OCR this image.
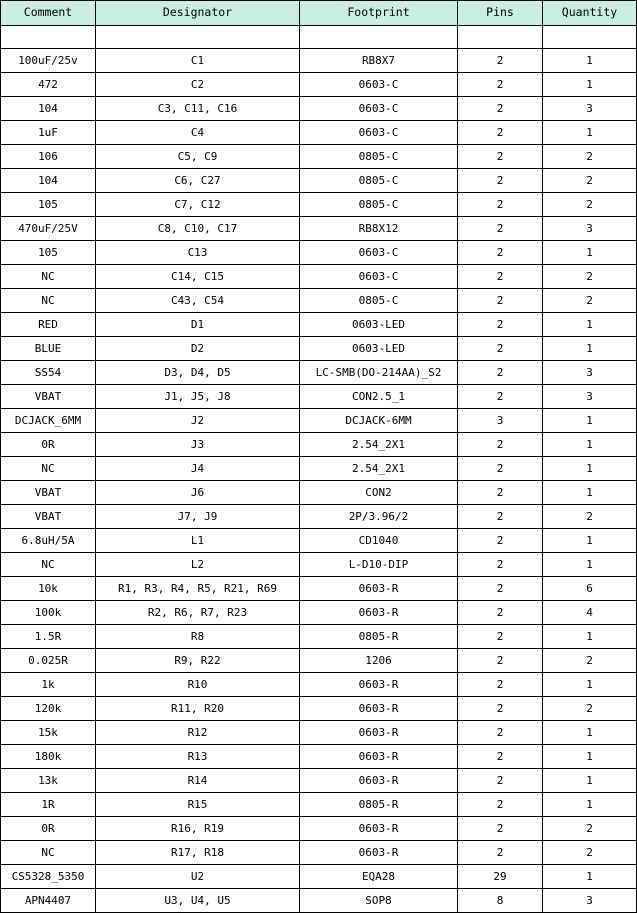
Comment	Designator	Footprint	Pins	Quantity

100uF/25v	C1	RB8X7	2	1
472	C2	0603-C	2	1
104	C3, C11, C16	0603-C	2	3
1uF	C4	0603-C	2	1
106	C5, C9	0805-C	2	2
104	C6, C27	0805-C	2	2
105	C7, C12	0805-C	2	2
470uF/25V	C8, C10, C17	RB8X12	2	3
105	C13	0603-C	2	1
NC	C14, C15	0603-C	2	2
NC	C43, C54	0805-C	2	2
RED	D1	0603-LED	2	1
BLUE	D2	0603-LED	2	1
SS54	D3, D4, D5	LC-SMB(DO-214AA)_S2	2	3
VBAT	J1, J5, J8	CON2.5_1	2	3
DCJACK_6MM	J2	DCJACK-6MM	3	1
0R	J3	2.54_2X1	2	1
NC	J4	2.54_2X1	2	1
VBAT	J6	CON2	2	1
VBAT	J7, J9	2P/3.96/2	2	2
6.8uH/5A	L1	CD1040	2	1
NC	L2	L-D10-DIP	2	1
10k	R1, R3, R4, R5, R21, R69	0603-R	2	6
100k	R2, R6, R7, R23	0603-R	2	4
1.5R	R8	0805-R	2	1
0.025R	R9, R22	1206	2	2
1k	R10	0603-R	2	1
120k	R11, R20	0603-R	2	2
15k	R12	0603-R	2	1
180k	R13	0603-R	2	1
13k	R14	0603-R	2	1
1R	R15	0805-R	2	1
0R	R16, R19	0603-R	2	2
NC	R17, R18	0603-R	2	2
CS5328_5350	U2	EQA28	29	1
APN4407	U3, U4, U5	SOP8	8	3
